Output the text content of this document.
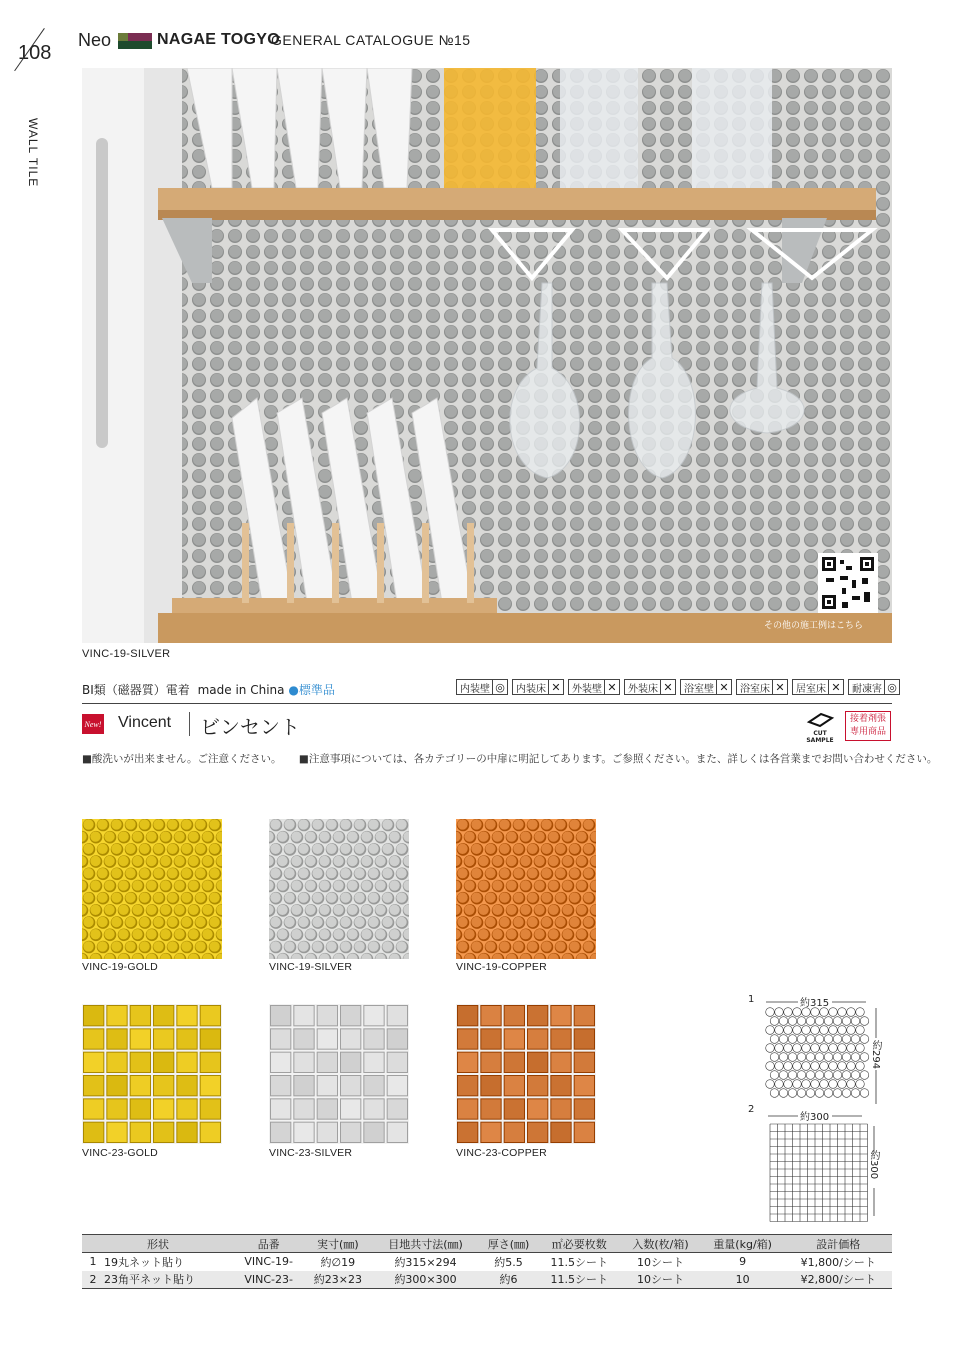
108
Neo	NAGAE TOGYO
GENERAL CATALOGUE №15
WALL TILE
その他の施工例はこちら
VINC-19-SILVER
BⅠ類（磁器質）電着 made in China ●標準品	内装壁 ◎ 内装床 ✕ 外装壁 ✕ 外装床 ✕ 浴室壁 ✕ 浴室床 ✕ 居室床 ✕ 耐凍害 ◎
New! Vincent ビンセント	CUT SAMPLE
接着剤張
専用商品
■酸洗いが出来ません。ご注意ください。 ■注意事項については、各カテゴリーの中扉に明記してあります。ご参照ください。また、詳しくは各営業までお問い合わせください。
VINC-19-GOLD	VINC-19-SILVER	VINC-19-COPPER
VINC-23-GOLD	VINC-23-SILVER	VINC-23-COPPER
1	約315
約294
2
約300
約300
形状		品番	実寸(㎜)	目地共寸法(㎜)	厚さ(㎜)	㎡必要枚数	入数(枚/箱)	重量(kg/箱)	設計価格
1	19丸ネット貼り	VINC-19-	約∅19	約315×294	約5.5	11.5シート	10シート	9	¥1,800/シート
2	23角平ネット貼り	VINC-23-	約23×23	約300×300	約6	11.5シート	10シート	10	¥2,800/シート
